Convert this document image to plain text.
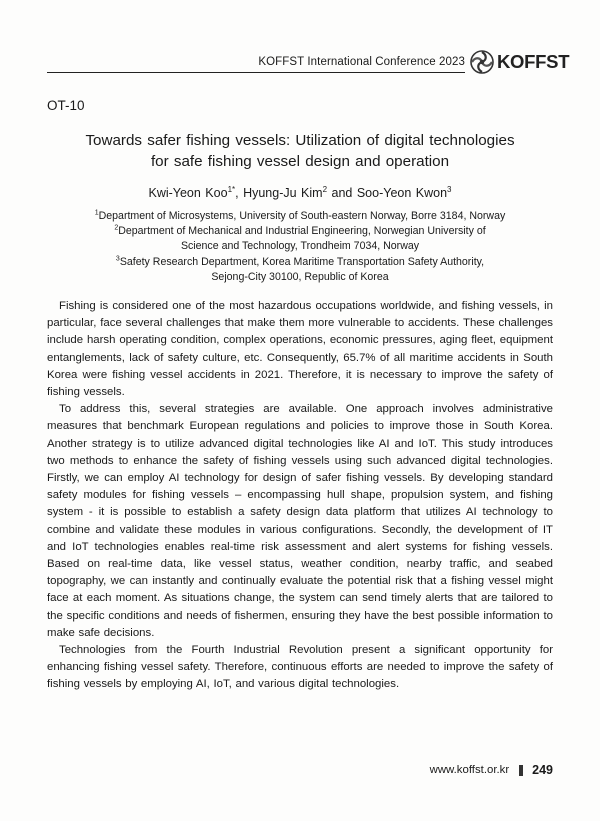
KOFFST International Conference 2023 KOFFST
OT-10
Towards safer fishing vessels: Utilization of digital technologies
for safe fishing vessel design and operation
Kwi-Yeon Koo$^{1*}$, Hyung-Ju Kim$^2$ and Soo-Yeon Kwon$^3$
$^1$Department of Microsystems, University of South-eastern Norway, Borre 3184, Norway
$^2$Department of Mechanical and Industrial Engineering, Norwegian University of
Science and Technology, Trondheim 7034, Norway
$^3$Safety Research Department, Korea Maritime Transportation Safety Authority,
Sejong-City 30100, Republic of Korea

Fishing is considered one of the most hazardous occupations worldwide, and fishing vessels, in particular, face several challenges that make them more vulnerable to accidents. These challenges include harsh operating condition, complex operations, economic pressures, aging fleet, equipment entanglements, lack of safety culture, etc. Consequently, 65.7% of all maritime accidents in South Korea were fishing vessel accidents in 2021. Therefore, it is necessary to improve the safety of fishing vessels.

To address this, several strategies are available. One approach involves administrative measures that benchmark European regulations and policies to improve those in South Korea. Another strategy is to utilize advanced digital technologies like AI and IoT. This study introduces two methods to enhance the safety of fishing vessels using such advanced digital technologies. Firstly, we can employ AI technology for design of safer fishing vessels. By developing standard safety modules for fishing vessels – encompassing hull shape, propulsion system, and fishing system - it is possible to establish a safety design data platform that utilizes AI technology to combine and validate these modules in various configurations. Secondly, the development of IT and IoT technologies enables real-time risk assessment and alert systems for fishing vessels. Based on real-time data, like vessel status, weather condition, nearby traffic, and seabed topography, we can instantly and continually evaluate the potential risk that a fishing vessel might face at each moment. As situations change, the system can send timely alerts that are tailored to the specific conditions and needs of fishermen, ensuring they have the best possible information to make safe decisions.

Technologies from the Fourth Industrial Revolution present a significant opportunity for enhancing fishing vessel safety. Therefore, continuous efforts are needed to improve the safety of fishing vessels by employing AI, IoT, and various digital technologies.

www.koffst.or.kr 249
